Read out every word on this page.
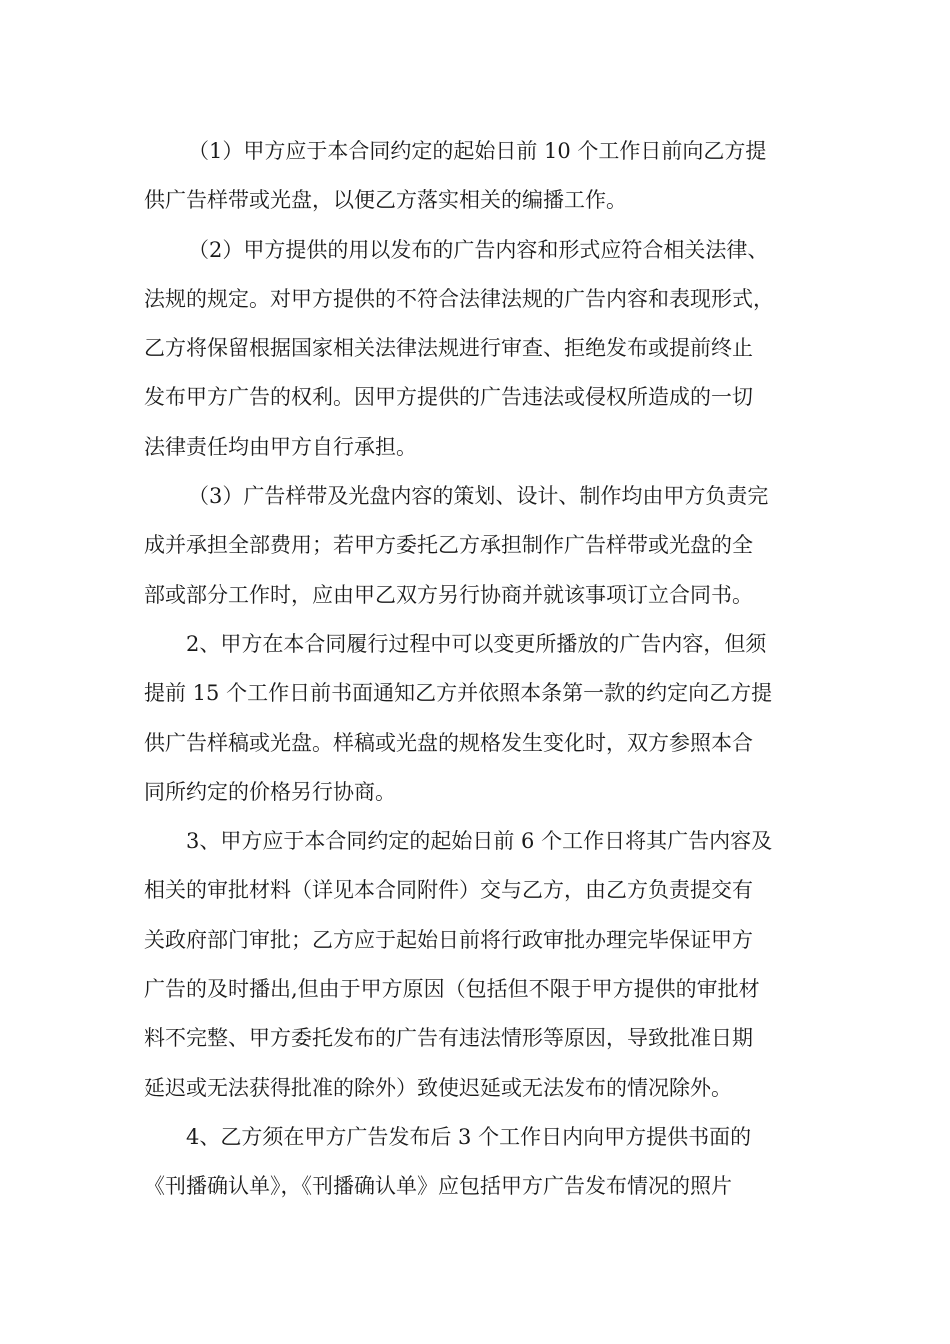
（1）甲方应于本合同约定的起始日前 10 个工作日前向乙方提
供广告样带或光盘，以便乙方落实相关的编播工作。
（2）甲方提供的用以发布的广告内容和形式应符合相关法律、
法规的规定。对甲方提供的不符合法律法规的广告内容和表现形式，
乙方将保留根据国家相关法律法规进行审查、拒绝发布或提前终止
发布甲方广告的权利。因甲方提供的广告违法或侵权所造成的一切
法律责任均由甲方自行承担。
（3）广告样带及光盘内容的策划、设计、制作均由甲方负责完
成并承担全部费用；若甲方委托乙方承担制作广告样带或光盘的全
部或部分工作时，应由甲乙双方另行协商并就该事项订立合同书。
2、甲方在本合同履行过程中可以变更所播放的广告内容，但须
提前 15 个工作日前书面通知乙方并依照本条第一款的约定向乙方提
供广告样稿或光盘。样稿或光盘的规格发生变化时，双方参照本合
同所约定的价格另行协商。
3、甲方应于本合同约定的起始日前 6 个工作日将其广告内容及
相关的审批材料（详见本合同附件）交与乙方，由乙方负责提交有
关政府部门审批；乙方应于起始日前将行政审批办理完毕保证甲方
广告的及时播出,但由于甲方原因（包括但不限于甲方提供的审批材
料不完整、甲方委托发布的广告有违法情形等原因，导致批准日期
延迟或无法获得批准的除外）致使迟延或无法发布的情况除外。
4、乙方须在甲方广告发布后 3 个工作日内向甲方提供书面的
《刊播确认单》，《刊播确认单》应包括甲方广告发布情况的照片
